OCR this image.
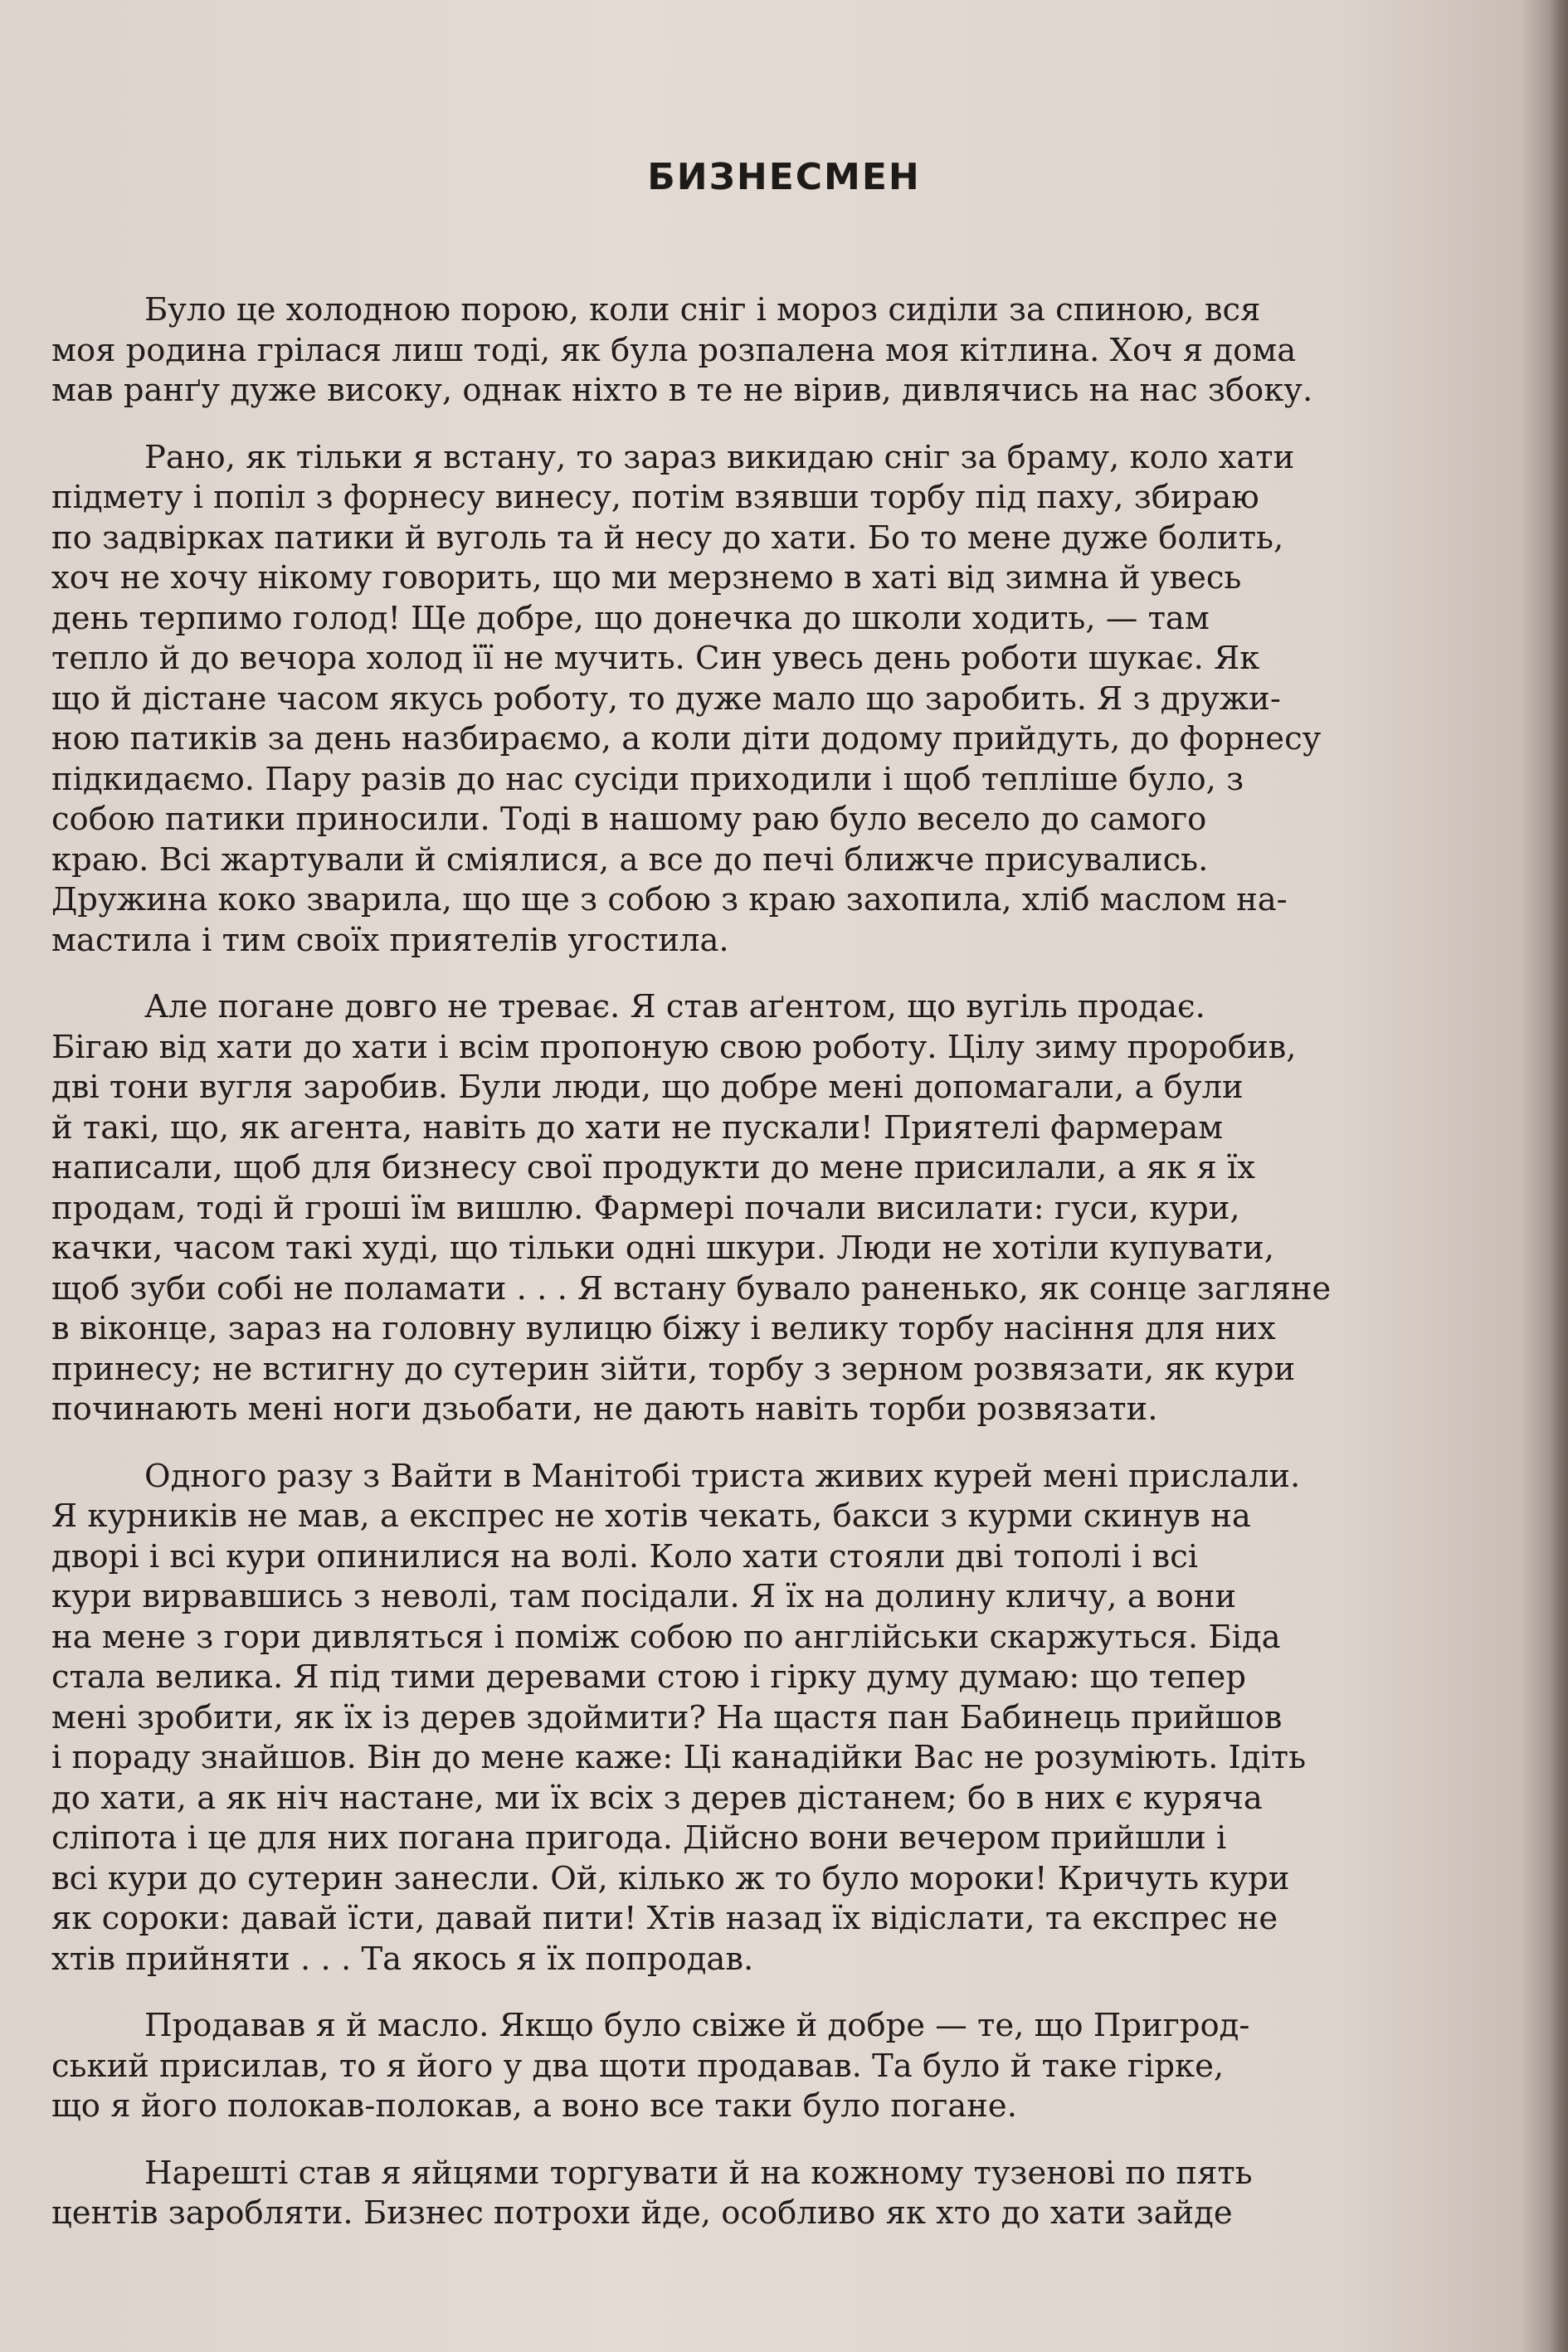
БИЗНЕСМЕН
Було це холодною порою, коли сніг і мороз сиділи за спиною, вся
моя родина грілася лиш тоді, як була розпалена моя кітлина. Хоч я дома
мав ранґу дуже високу, однак ніхто в те не вірив, дивлячись на нас збоку.
Рано, як тільки я встану, то зараз викидаю сніг за браму, коло хати
підмету і попіл з форнесу винесу, потім взявши торбу під паху, збираю
по задвірках патики й вуголь та й несу до хати. Бо то мене дуже болить,
хоч не хочу нікому говорить, що ми мерзнемо в хаті від зимна й увесь
день терпимо голод! Ще добре, що донечка до школи ходить, — там
тепло й до вечора холод її не мучить. Син увесь день роботи шукає. Як
що й дістане часом якусь роботу, то дуже мало що заробить. Я з дружи-
ною патиків за день назбираємо, а коли діти додому прийдуть, до форнесу
підкидаємо. Пару разів до нас сусіди приходили і щоб тепліше було, з
собою патики приносили. Тоді в нашому раю було весело до самого
краю. Всі жартували й сміялися, а все до печі ближче присувались.
Дружина коко зварила, що ще з собою з краю захопила, хліб маслом на-
мастила і тим своїх приятелів угостила.
Але погане довго не треває. Я став аґентом, що вугіль продає.
Бігаю від хати до хати і всім пропоную свою роботу. Цілу зиму проробив,
дві тони вугля заробив. Були люди, що добре мені допомагали, а були
й такі, що, як агента, навіть до хати не пускали! Приятелі фармерам
написали, щоб для бизнесу свої продукти до мене присилали, а як я їх
продам, тоді й гроші їм вишлю. Фармері почали висилати: гуси, кури,
качки, часом такі худі, що тільки одні шкури. Люди не хотіли купувати,
щоб зуби собі не поламати . . . Я встану бувало раненько, як сонце загляне
в віконце, зараз на головну вулицю біжу і велику торбу насіння для них
принесу; не встигну до сутерин зійти, торбу з зерном розвязати, як кури
починають мені ноги дзьобати, не дають навіть торби розвязати.
Одного разу з Вайти в Манітобі триста живих курей мені прислали.
Я курників не мав, а експрес не хотів чекать, бакси з курми скинув на
дворі і всі кури опинилися на волі. Коло хати стояли дві тополі і всі
кури вирвавшись з неволі, там посідали. Я їх на долину кличу, а вони
на мене з гори дивляться і поміж собою по англійськи скаржуться. Біда
стала велика. Я під тими деревами стою і гірку думу думаю: що тепер
мені зробити, як їх із дерев здоймити? На щастя пан Бабинець прийшов
і пораду знайшов. Він до мене каже: Ці канадійки Вас не розуміють. Ідіть
до хати, а як ніч настане, ми їх всіх з дерев дістанем; бо в них є куряча
сліпота і це для них погана пригода. Дійсно вони вечером прийшли і
всі кури до сутерин занесли. Ой, кілько ж то було мороки! Кричуть кури
як сороки: давай їсти, давай пити! Хтів назад їх відіслати, та експрес не
хтів прийняти . . . Та якось я їх попродав.
Продавав я й масло. Якщо було свіже й добре — те, що Пригрод-
ський присилав, то я його у два щоти продавав. Та було й таке гірке,
що я його полокав-полокав, а воно все таки було погане.
Нарешті став я яйцями торгувати й на кожному тузенові по пять
центів заробляти. Бизнес потрохи йде, особливо як хто до хати зайде
